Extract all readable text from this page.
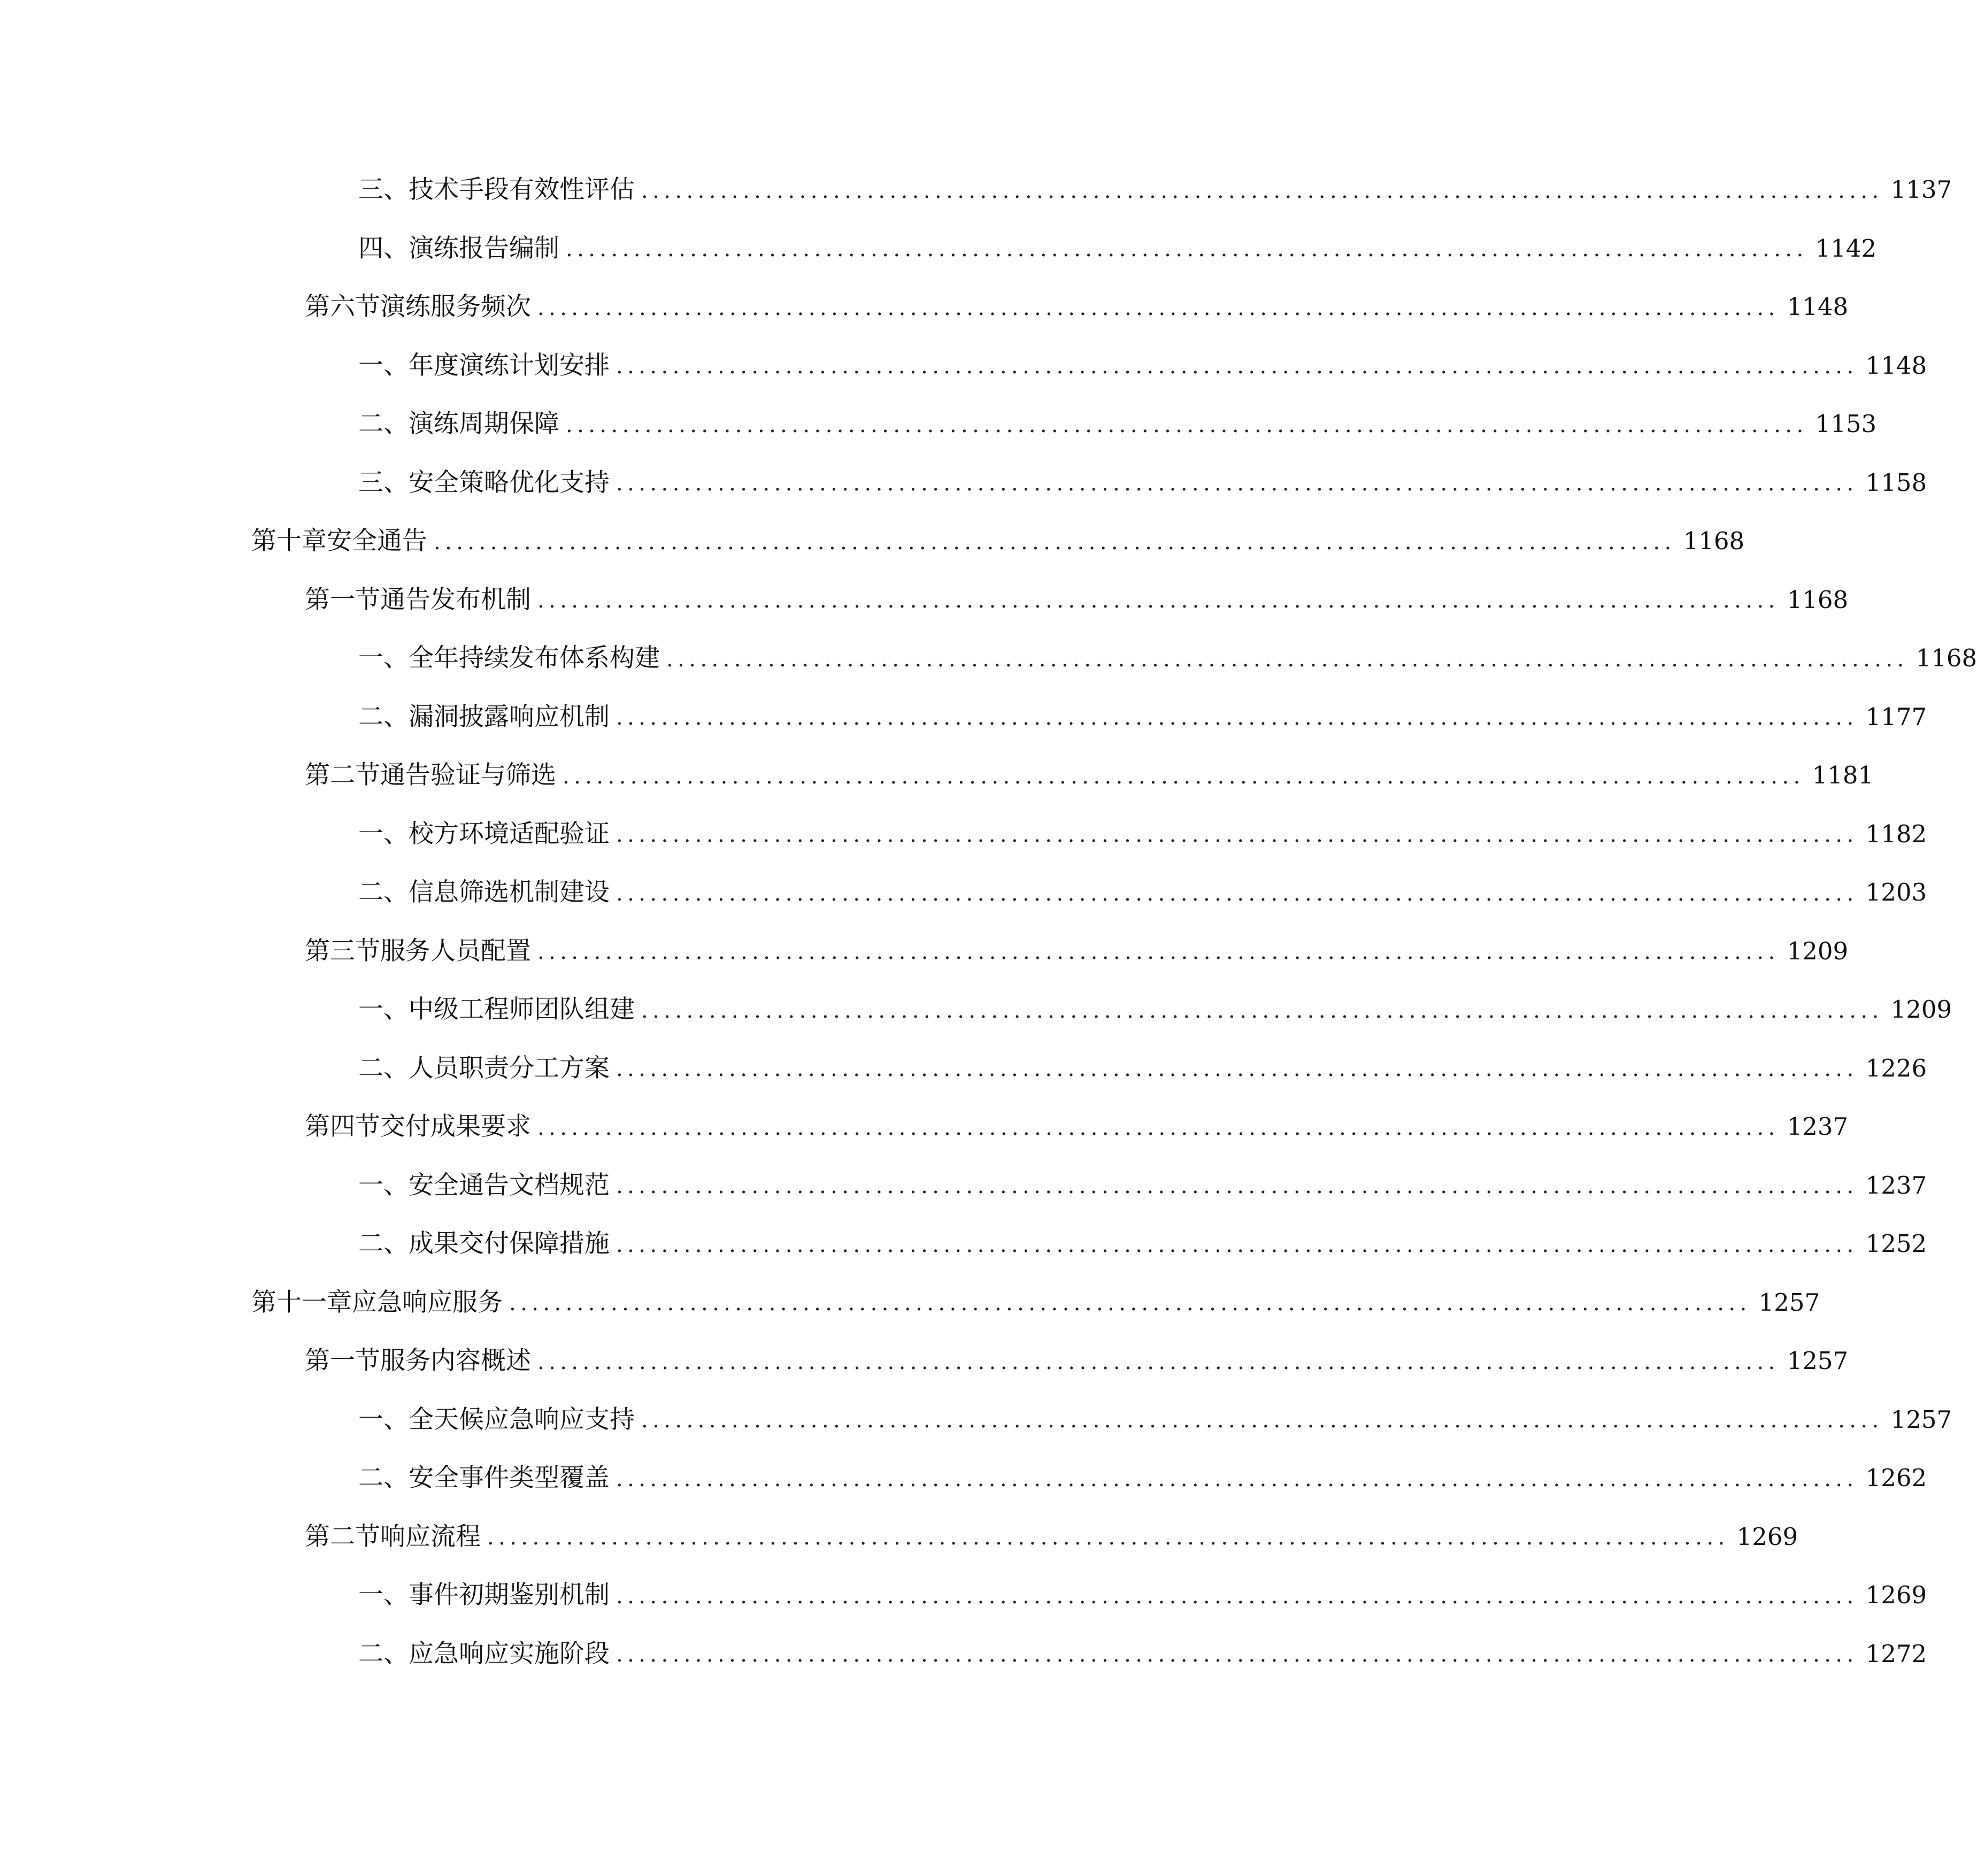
三、 技术手段有效性评估 .............................................................................................................. 1137
四、 演练报告编制 .............................................................................................................. 1142
第六节 演练服务频次 .............................................................................................................. 1148
一、 年度演练计划安排 .............................................................................................................. 1148
二、 演练周期保障 .............................................................................................................. 1153
三、 安全策略优化支持 .............................................................................................................. 1158
第十章 安全通告 .............................................................................................................. 1168
第一节 通告发布机制 .............................................................................................................. 1168
一、 全年持续发布体系构建 .............................................................................................................. 1168
二、 漏洞披露响应机制 .............................................................................................................. 1177
第二节 通告验证与筛选 .............................................................................................................. 1181
一、 校方环境适配验证 .............................................................................................................. 1182
二、 信息筛选机制建设 .............................................................................................................. 1203
第三节 服务人员配置 .............................................................................................................. 1209
一、 中级工程师团队组建 .............................................................................................................. 1209
二、 人员职责分工方案 .............................................................................................................. 1226
第四节 交付成果要求 .............................................................................................................. 1237
一、 安全通告文档规范 .............................................................................................................. 1237
二、 成果交付保障措施 .............................................................................................................. 1252
第十一章 应急响应服务 .............................................................................................................. 1257
第一节 服务内容概述 .............................................................................................................. 1257
一、 全天候应急响应支持 .............................................................................................................. 1257
二、 安全事件类型覆盖 .............................................................................................................. 1262
第二节 响应流程 .............................................................................................................. 1269
一、 事件初期鉴别机制 .............................................................................................................. 1269
二、 应急响应实施阶段 .............................................................................................................. 1272
